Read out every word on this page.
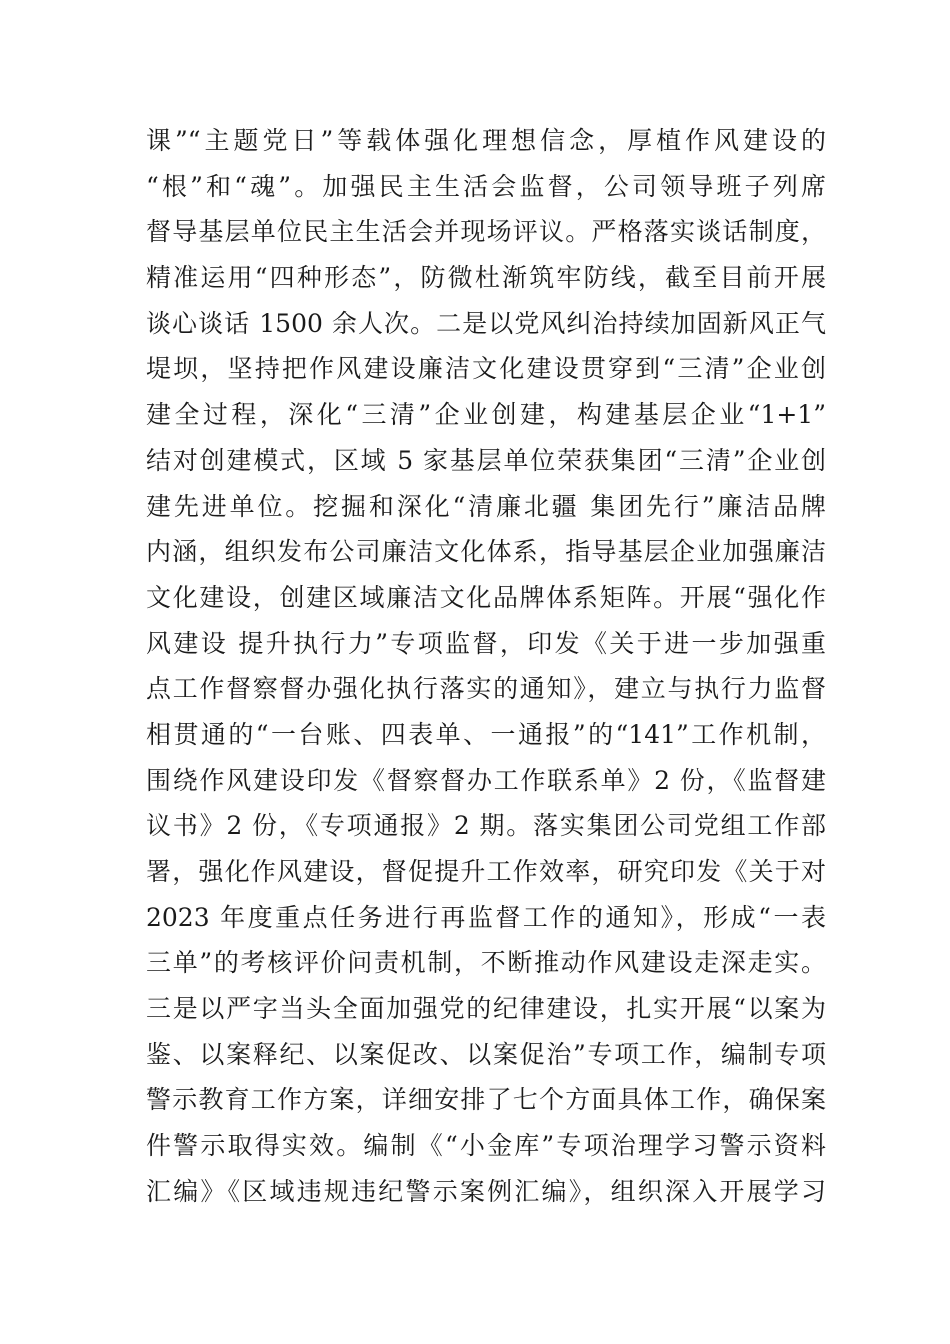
课”“主题党日”等载体强化理想信念，厚植作风建设的
“根”和“魂”。加强民主生活会监督，公司领导班子列席
督导基层单位民主生活会并现场评议。严格落实谈话制度，
精准运用“四种形态”，防微杜渐筑牢防线，截至目前开展
谈心谈话 1500 余人次。二是以党风纠治持续加固新风正气
堤坝，坚持把作风建设廉洁文化建设贯穿到“三清”企业创
建全过程，深化“三清”企业创建，构建基层企业“1+1”
结对创建模式，区域 5 家基层单位荣获集团“三清”企业创
建先进单位。挖掘和深化“清廉北疆 集团先行”廉洁品牌
内涵，组织发布公司廉洁文化体系，指导基层企业加强廉洁
文化建设，创建区域廉洁文化品牌体系矩阵。开展“强化作
风建设 提升执行力”专项监督，印发《关于进一步加强重
点工作督察督办强化执行落实的通知》，建立与执行力监督
相贯通的“一台账、四表单、一通报”的“141”工作机制，
围绕作风建设印发《督察督办工作联系单》2 份，《监督建
议书》2 份，《专项通报》2 期。落实集团公司党组工作部
署，强化作风建设，督促提升工作效率，研究印发《关于对
2023 年度重点任务进行再监督工作的通知》，形成“一表
三单”的考核评价问责机制，不断推动作风建设走深走实。
三是以严字当头全面加强党的纪律建设，扎实开展“以案为
鉴、以案释纪、以案促改、以案促治”专项工作，编制专项
警示教育工作方案，详细安排了七个方面具体工作，确保案
件警示取得实效。编制《“小金库”专项治理学习警示资料
汇编》《区域违规违纪警示案例汇编》，组织深入开展学习
